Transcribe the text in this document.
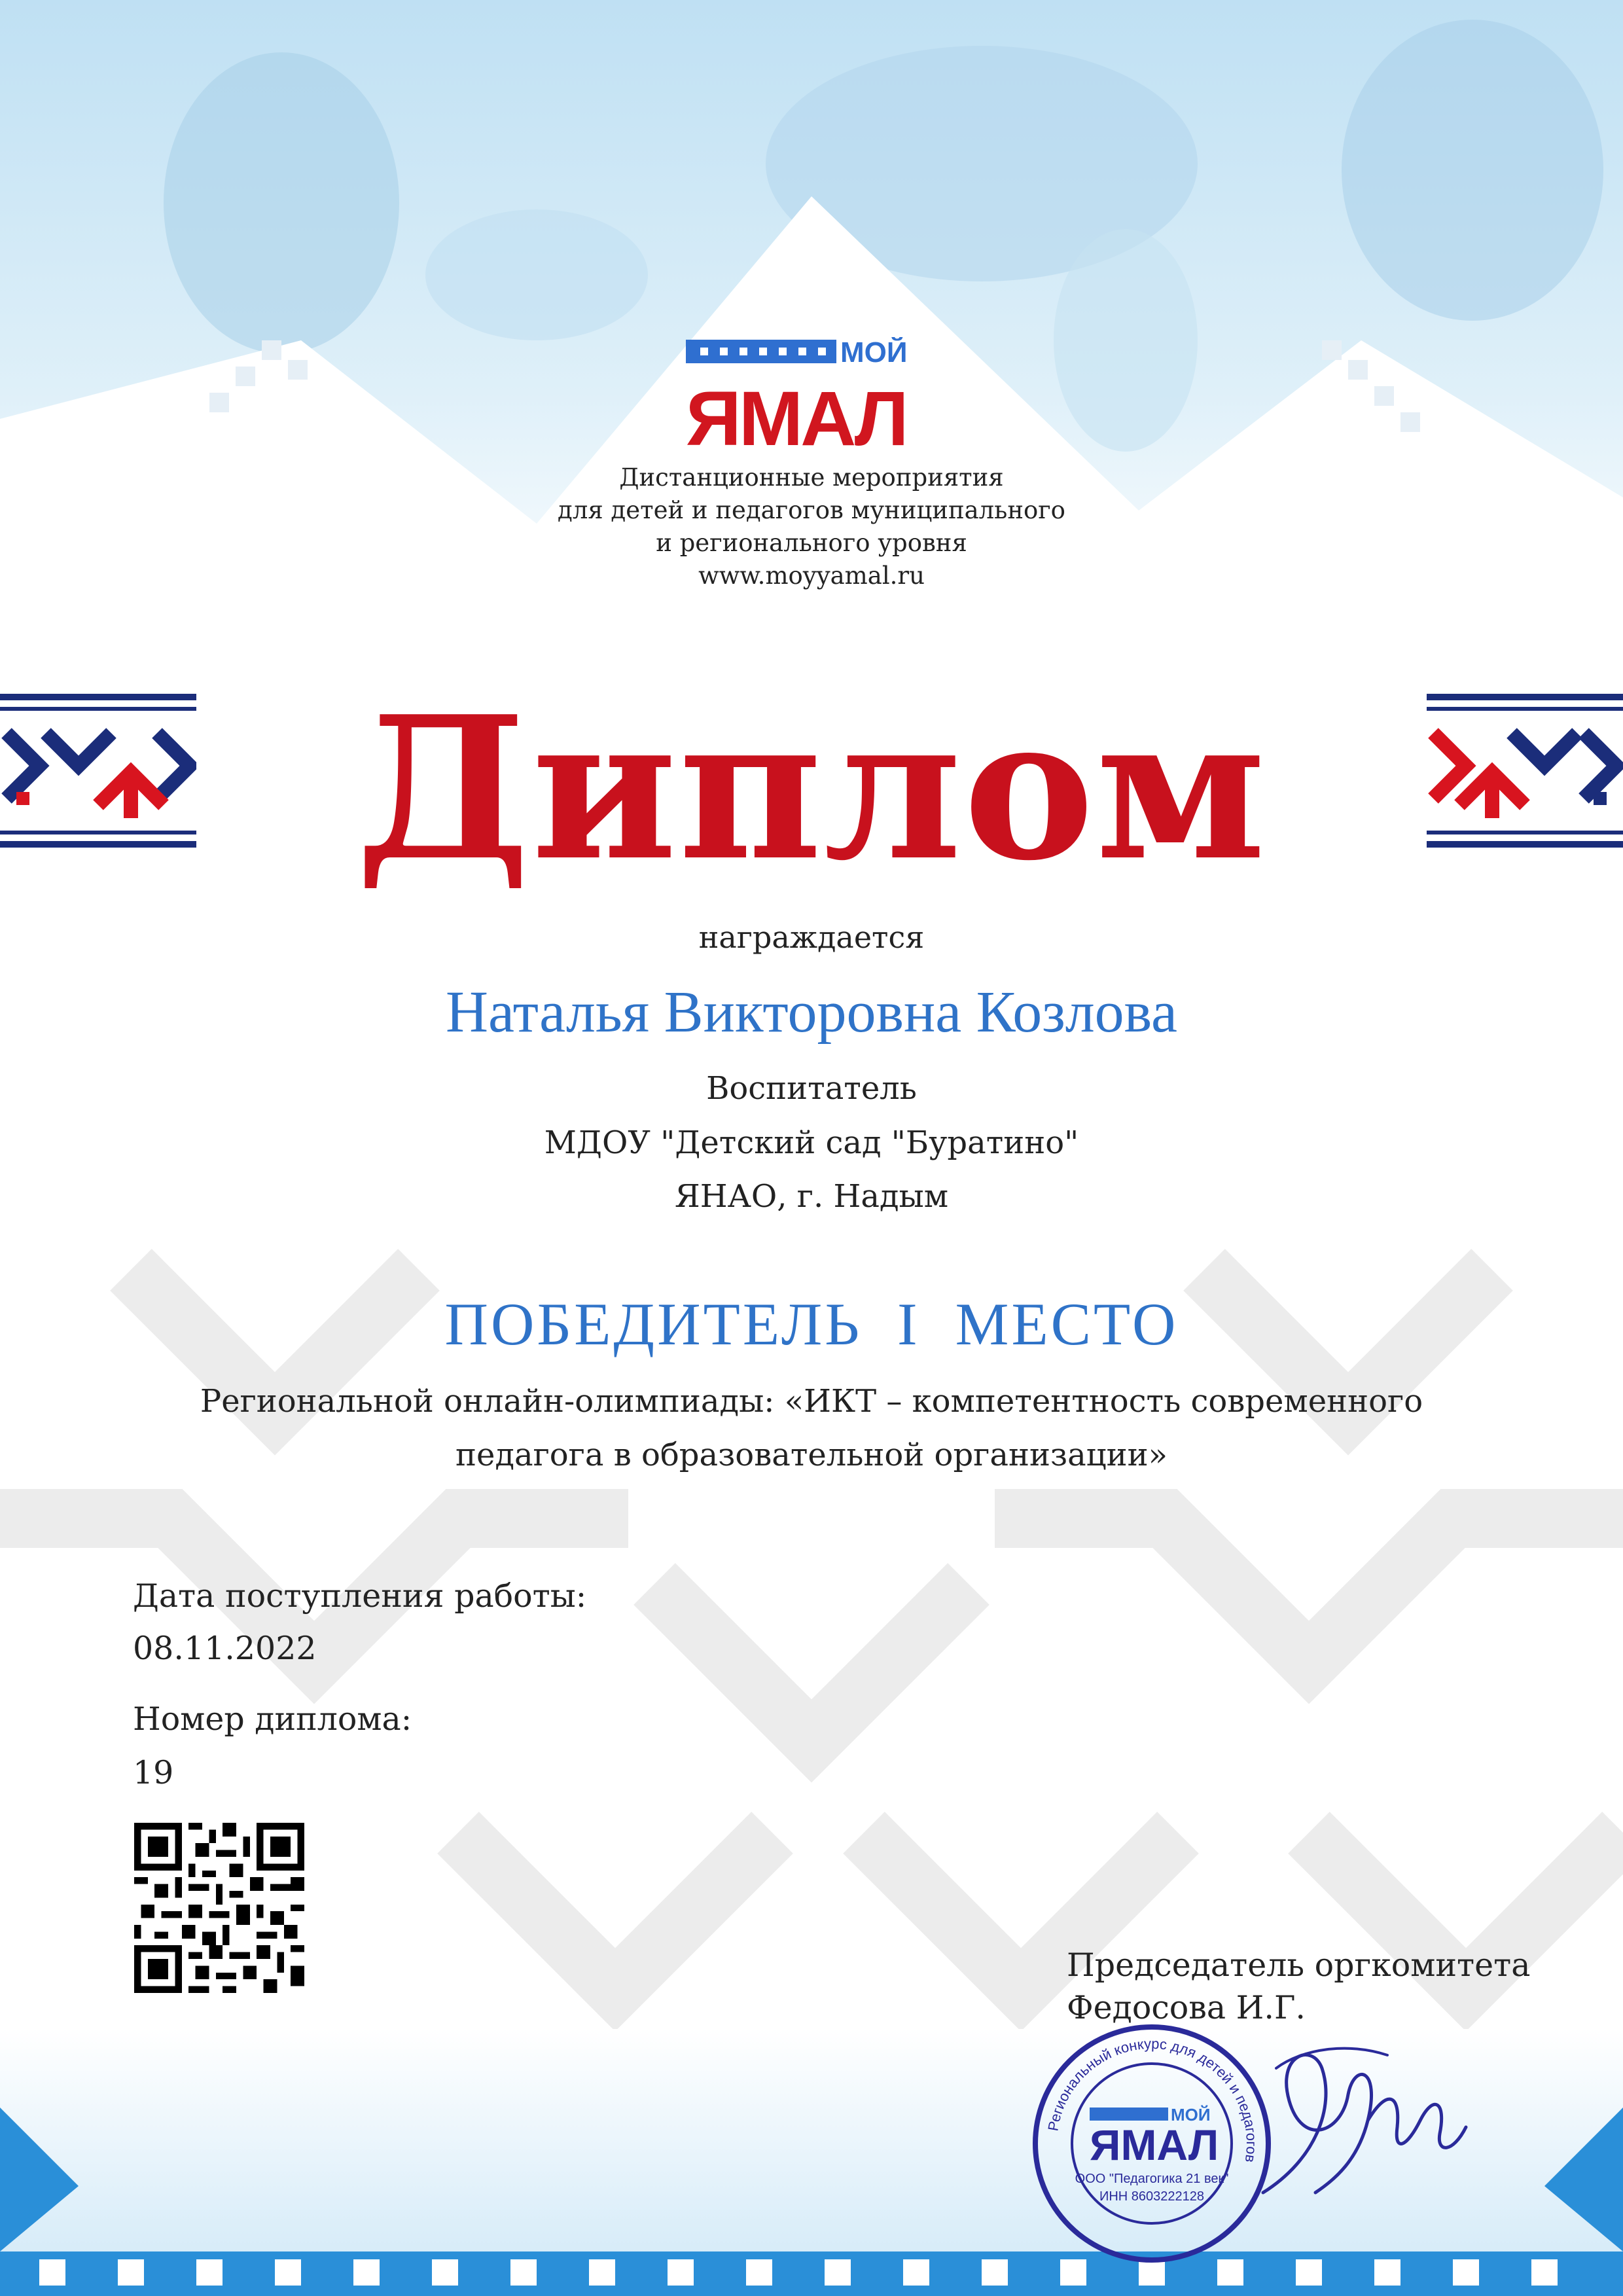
МОЙ
ЯМАЛ
Дистанционные мероприятия
для детей и педагогов муниципального
и регионального уровня
www.moyyamal.ru
Диплом
награждается
Наталья Викторовна Козлова
Воспитатель
МДОУ "Детский сад "Буратино"
ЯНАО, г. Надым
ПОБЕДИТЕЛЬ  I  МЕСТО
Региональной онлайн-олимпиады: «ИКТ – компетентность современного
педагога в образовательной организации»
Дата поступления работы:
08.11.2022
Номер диплома:
19
Председатель оргкомитета
Федосова И.Г.
Региональный конкурс для детей и педагогов
МОЙ
ЯМАЛ
ООО "Педагогика 21 век"
ИНН 8603222128
